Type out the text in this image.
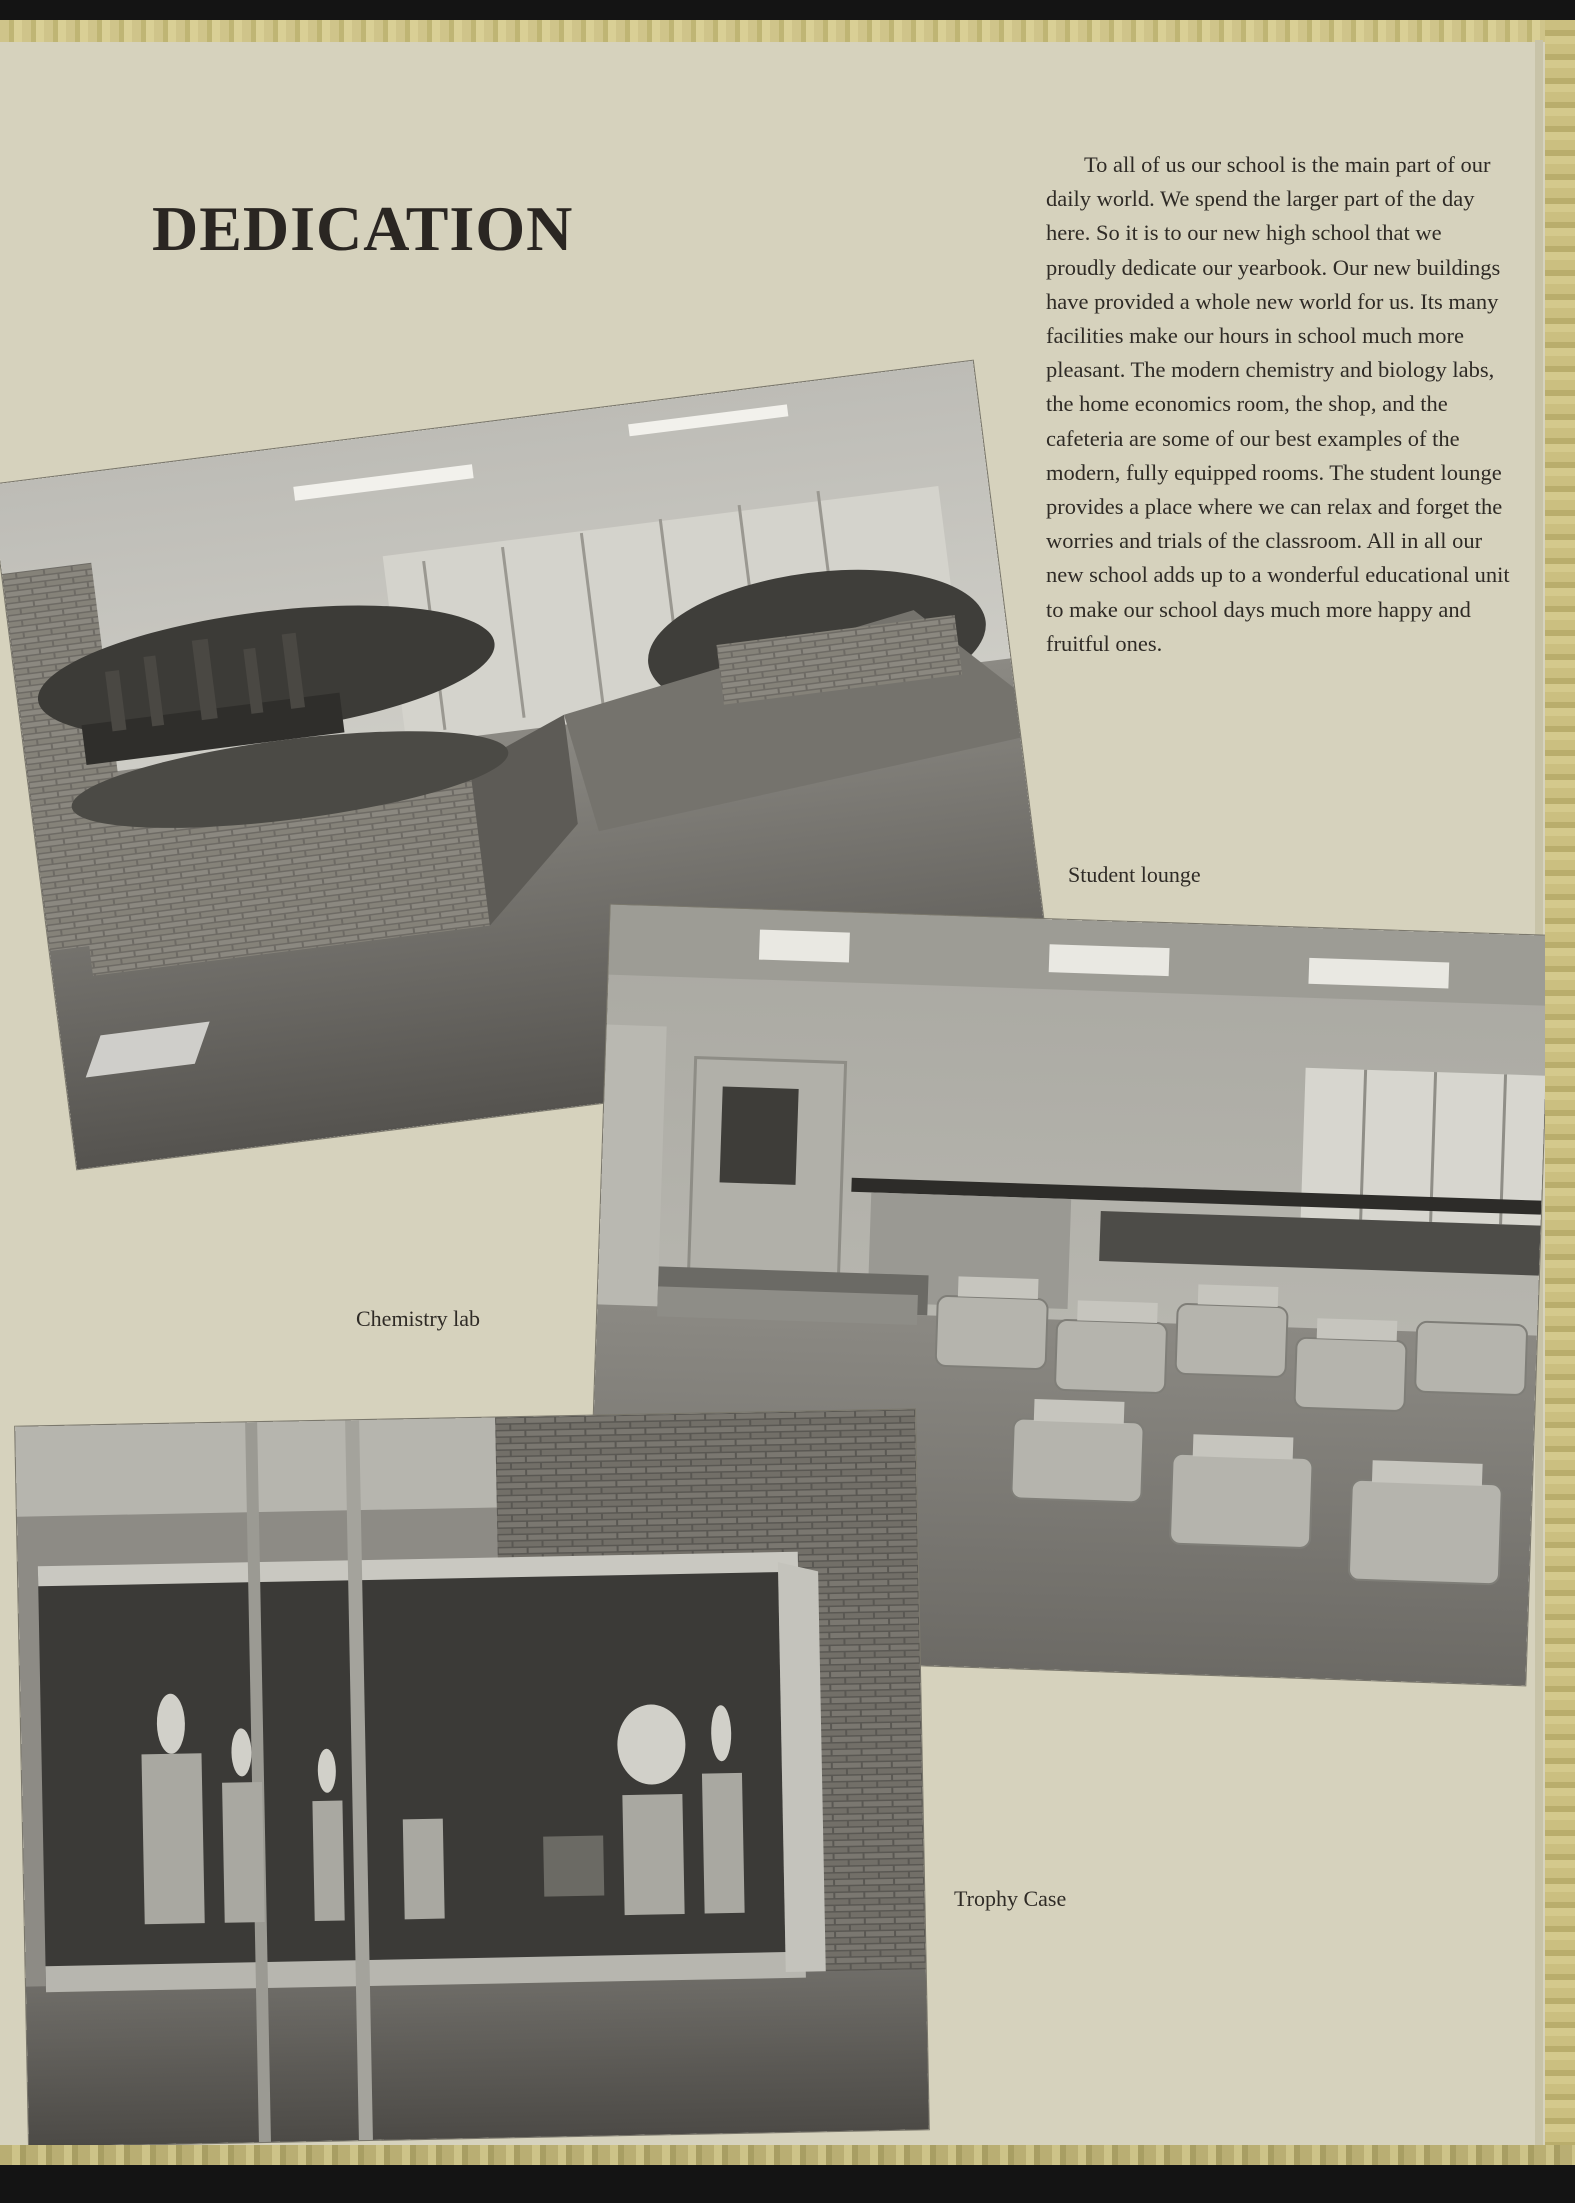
DEDICATION

To all of us our school is the main part of our daily world. We spend the larger part of the day here. So it is to our new high school that we proudly dedicate our yearbook. Our new buildings have provided a whole new world for us. Its many facilities make our hours in school much more pleasant. The modern chemistry and biology labs, the home economics room, the shop, and the cafeteria are some of our best examples of the modern, fully equipped rooms. The student lounge provides a place where we can relax and forget the worries and trials of the classroom. All in all our new school adds up to a wonderful educational unit to make our school days much more happy and fruitful ones.

Student lounge

Chemistry lab

Trophy Case
